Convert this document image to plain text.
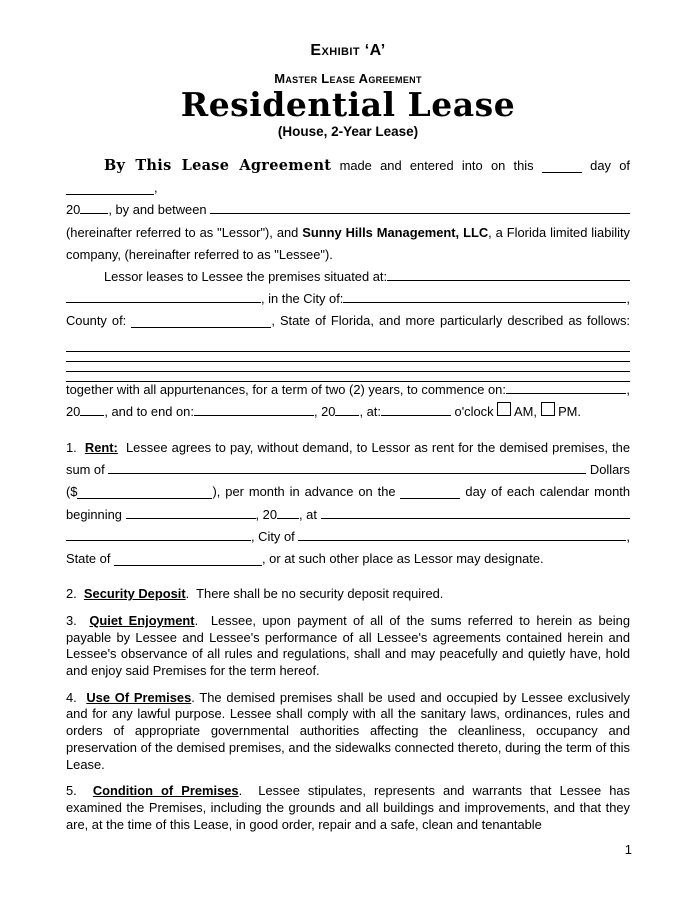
Exhibit ‘A’
Master Lease Agreement
Residential Lease
(House, 2-Year Lease)
By This Lease Agreement made and entered into on this	day of ,
20 , by and between
(hereinafter referred to as "Lessor"), and Sunny Hills Management, LLC, a Florida limited liability
company, (hereinafter referred to as "Lessee").
Lessor leases to Lessee the premises situated at:
, in the City of:	,
County of:	, State of Florida, and more particularly described as follows:
together with all appurtenances, for a term of two (2) years, to commence on:	,
20 , and to end on:	, 20 , at:	o'clock AM, PM.
1.  Rent:  Lessee agrees to pay, without demand, to Lessor as rent for the demised premises, the
sum of	Dollars
($	), per month in advance on the	day of each calendar month
beginning	, 20 , at
, City of	,
State of	, or at such other place as Lessor may designate.
2.  Security Deposit.  There shall be no security deposit required.
3.  Quiet Enjoyment.  Lessee, upon payment of all of the sums referred to herein as being payable by Lessee and Lessee's performance of all Lessee's agreements contained herein and Lessee's observance of all rules and regulations, shall and may peacefully and quietly have, hold and enjoy said Premises for the term hereof.
4.  Use Of Premises. The demised premises shall be used and occupied by Lessee exclusively and for any lawful purpose. Lessee shall comply with all the sanitary laws, ordinances, rules and orders of appropriate governmental authorities affecting the cleanliness, occupancy and preservation of the demised premises, and the sidewalks connected thereto, during the term of this Lease.
5.  Condition of Premises.  Lessee stipulates, represents and warrants that Lessee has examined the Premises, including the grounds and all buildings and improvements, and that they are, at the time of this Lease, in good order, repair and a safe, clean and tenantable
1
